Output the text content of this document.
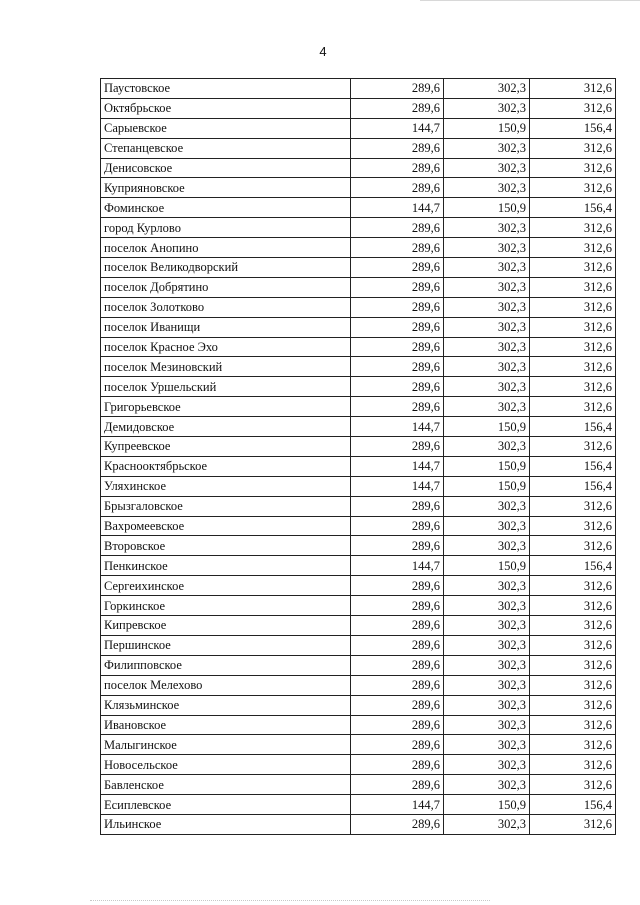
4
Паустовское	289,6	302,3	312,6
Октябрьское	289,6	302,3	312,6
Сарыевское	144,7	150,9	156,4
Степанцевское	289,6	302,3	312,6
Денисовское	289,6	302,3	312,6
Куприяновское	289,6	302,3	312,6
Фоминское	144,7	150,9	156,4
город Курлово	289,6	302,3	312,6
поселок Анопино	289,6	302,3	312,6
поселок Великодворский	289,6	302,3	312,6
поселок Добрятино	289,6	302,3	312,6
поселок Золотково	289,6	302,3	312,6
поселок Иванищи	289,6	302,3	312,6
поселок Красное Эхо	289,6	302,3	312,6
поселок Мезиновский	289,6	302,3	312,6
поселок Уршельский	289,6	302,3	312,6
Григорьевское	289,6	302,3	312,6
Демидовское	144,7	150,9	156,4
Купреевское	289,6	302,3	312,6
Краснооктябрьское	144,7	150,9	156,4
Уляхинское	144,7	150,9	156,4
Брызгаловское	289,6	302,3	312,6
Вахромеевское	289,6	302,3	312,6
Второвское	289,6	302,3	312,6
Пенкинское	144,7	150,9	156,4
Сергеихинское	289,6	302,3	312,6
Горкинское	289,6	302,3	312,6
Кипревское	289,6	302,3	312,6
Першинское	289,6	302,3	312,6
Филипповское	289,6	302,3	312,6
поселок Мелехово	289,6	302,3	312,6
Клязьминское	289,6	302,3	312,6
Ивановское	289,6	302,3	312,6
Малыгинское	289,6	302,3	312,6
Новосельское	289,6	302,3	312,6
Бавленское	289,6	302,3	312,6
Есиплевское	144,7	150,9	156,4
Ильинское	289,6	302,3	312,6
